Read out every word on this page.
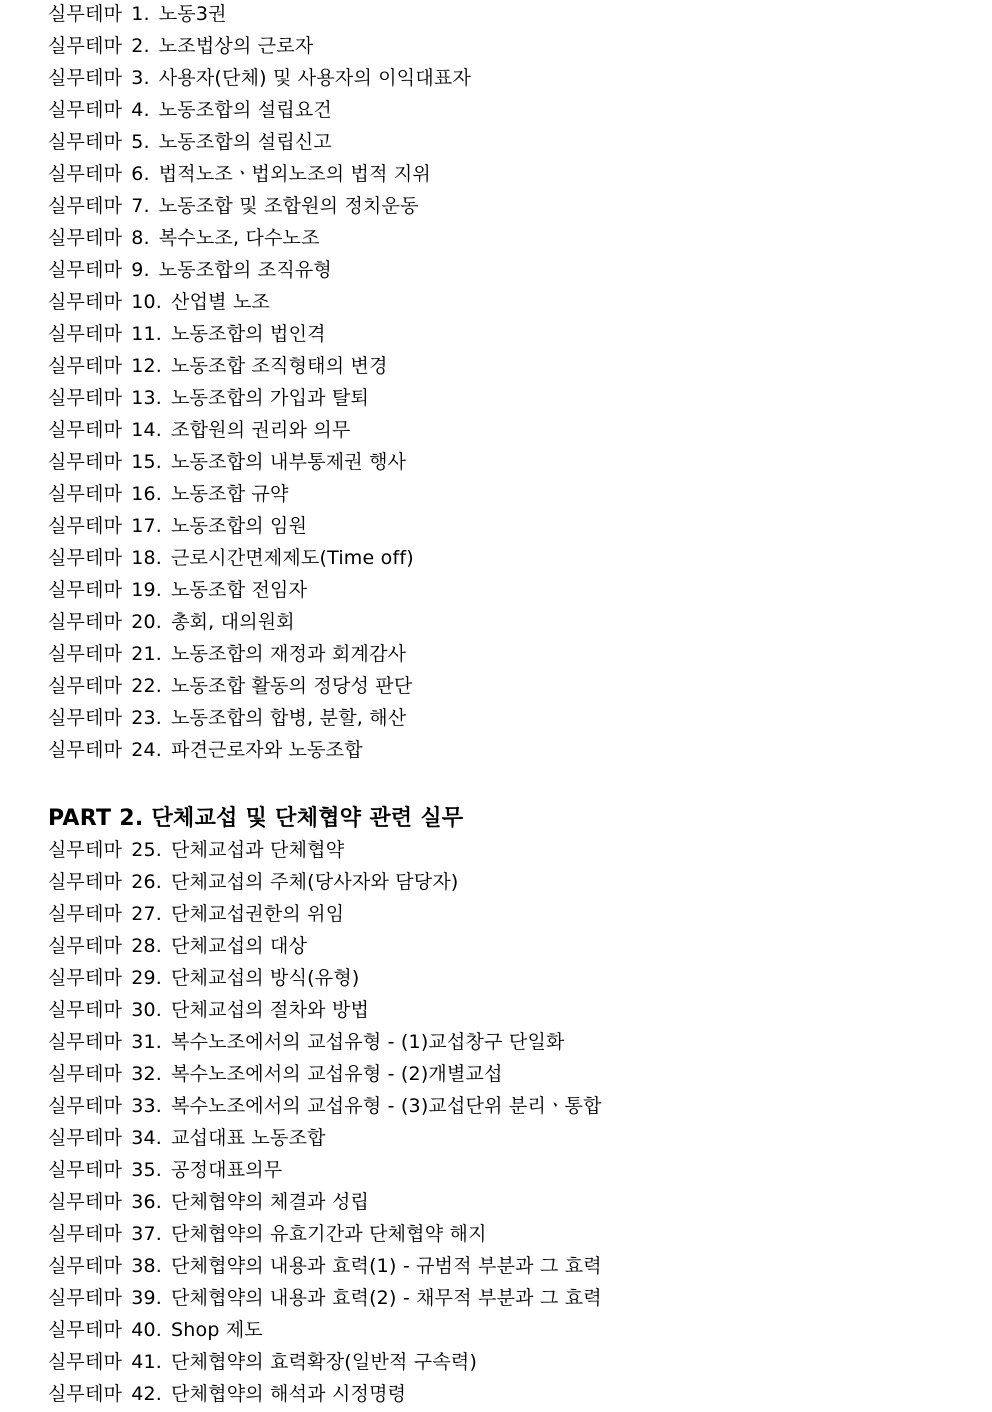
실무테마 1. 노동3권
실무테마 2. 노조법상의 근로자
실무테마 3. 사용자(단체) 및 사용자의 이익대표자
실무테마 4. 노동조합의 설립요건
실무테마 5. 노동조합의 설립신고
실무테마 6. 법적노조ㆍ법외노조의 법적 지위
실무테마 7. 노동조합 및 조합원의 정치운동
실무테마 8. 복수노조, 다수노조
실무테마 9. 노동조합의 조직유형
실무테마 10. 산업별 노조
실무테마 11. 노동조합의 법인격
실무테마 12. 노동조합 조직형태의 변경
실무테마 13. 노동조합의 가입과 탈퇴
실무테마 14. 조합원의 권리와 의무
실무테마 15. 노동조합의 내부통제권 행사
실무테마 16. 노동조합 규약
실무테마 17. 노동조합의 임원
실무테마 18. 근로시간면제제도(Time off)
실무테마 19. 노동조합 전임자
실무테마 20. 총회, 대의원회
실무테마 21. 노동조합의 재정과 회계감사
실무테마 22. 노동조합 활동의 정당성 판단
실무테마 23. 노동조합의 합병, 분할, 해산
실무테마 24. 파견근로자와 노동조합
PART 2. 단체교섭 및 단체협약 관련 실무
실무테마 25. 단체교섭과 단체협약
실무테마 26. 단체교섭의 주체(당사자와 담당자)
실무테마 27. 단체교섭권한의 위임
실무테마 28. 단체교섭의 대상
실무테마 29. 단체교섭의 방식(유형)
실무테마 30. 단체교섭의 절차와 방법
실무테마 31. 복수노조에서의 교섭유형 - (1)교섭창구 단일화
실무테마 32. 복수노조에서의 교섭유형 - (2)개별교섭
실무테마 33. 복수노조에서의 교섭유형 - (3)교섭단위 분리ㆍ통합
실무테마 34. 교섭대표 노동조합
실무테마 35. 공정대표의무
실무테마 36. 단체협약의 체결과 성립
실무테마 37. 단체협약의 유효기간과 단체협약 해지
실무테마 38. 단체협약의 내용과 효력(1) - 규범적 부분과 그 효력
실무테마 39. 단체협약의 내용과 효력(2) - 채무적 부분과 그 효력
실무테마 40. Shop 제도
실무테마 41. 단체협약의 효력확장(일반적 구속력)
실무테마 42. 단체협약의 해석과 시정명령
